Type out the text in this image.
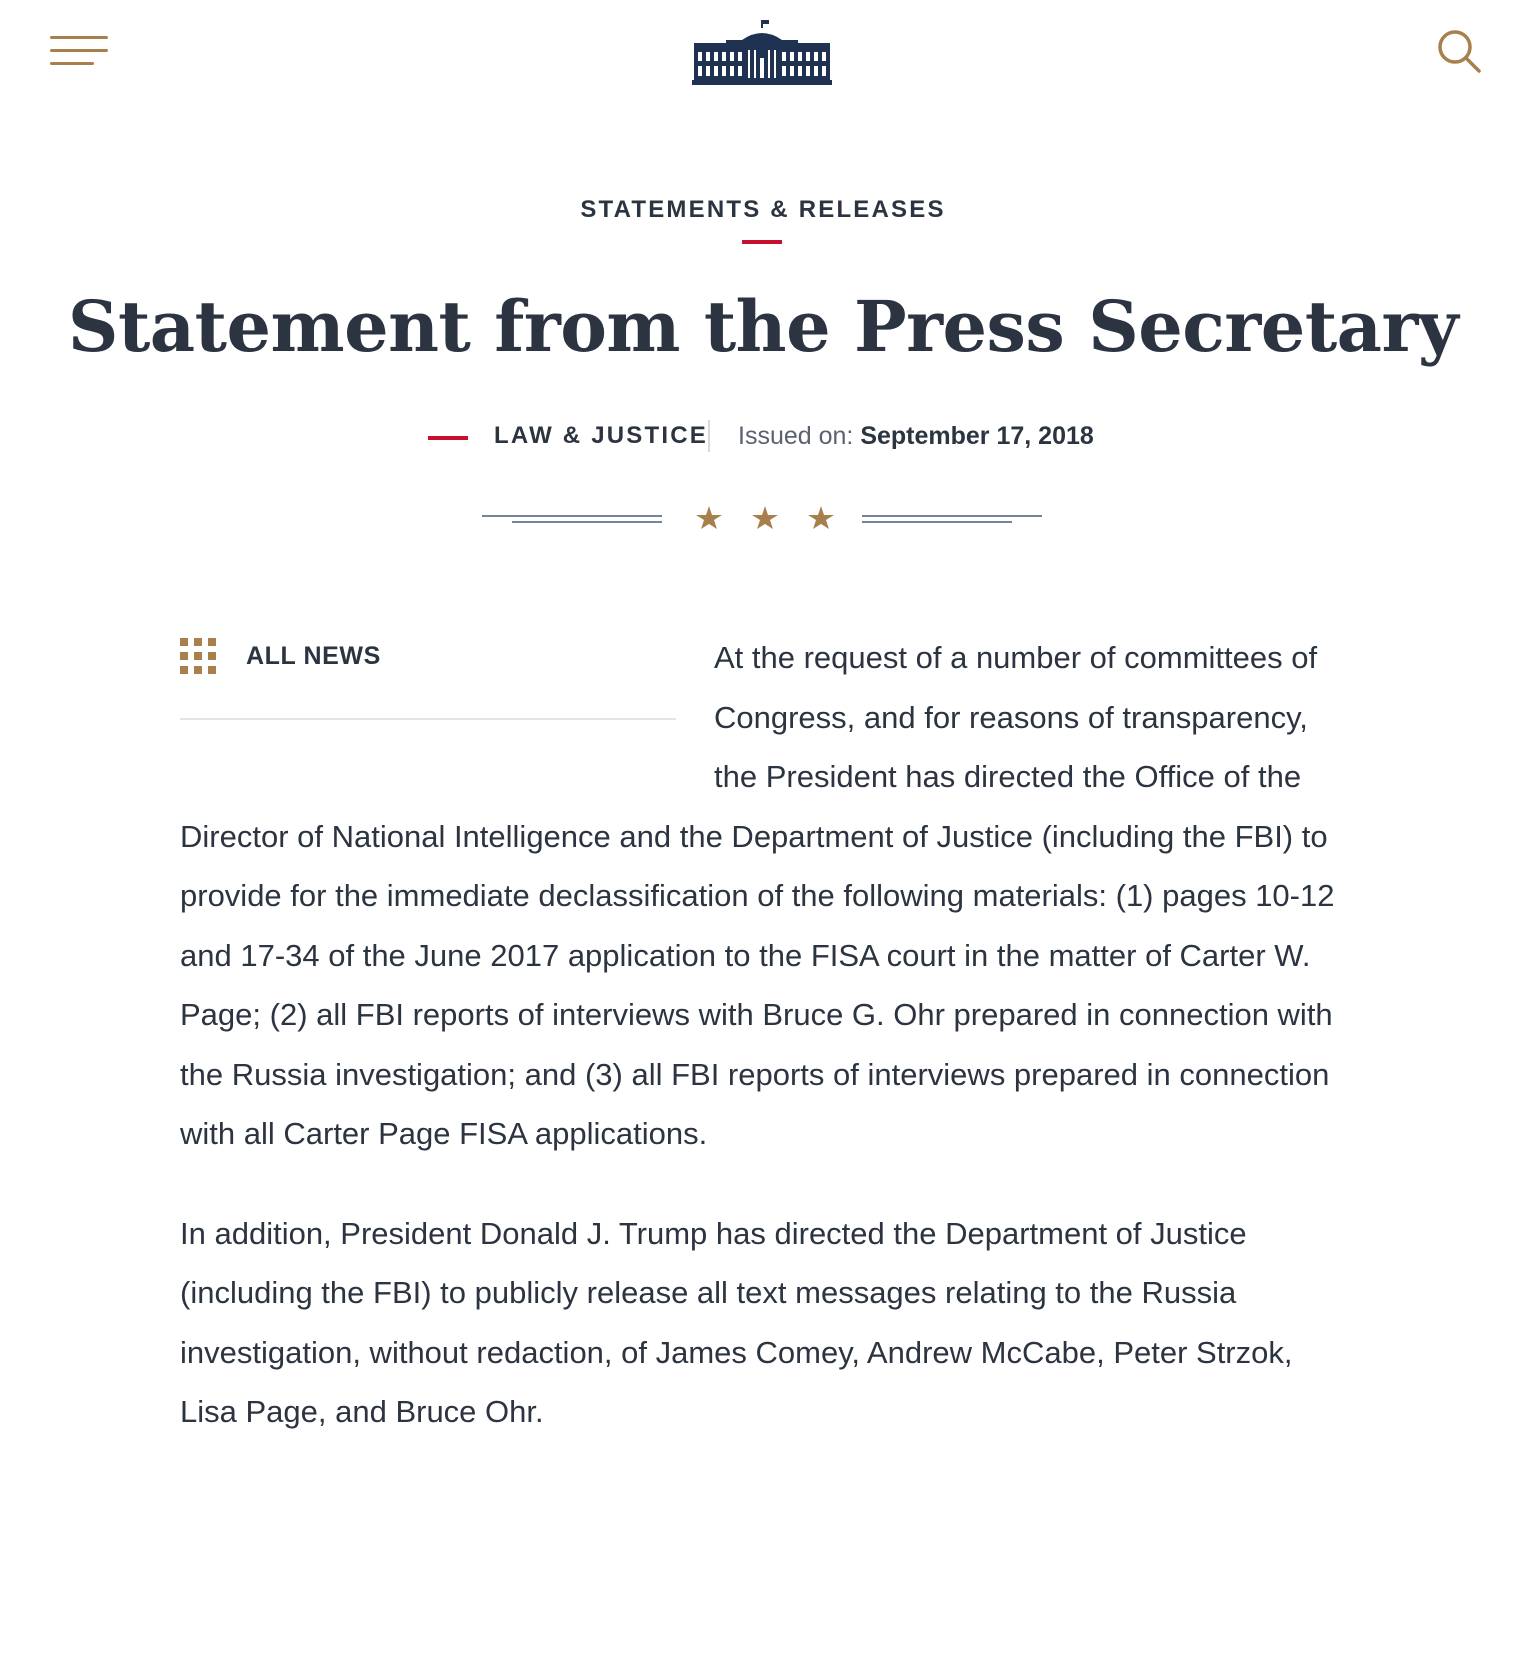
STATEMENTS & RELEASES
Statement from the Press Secretary
LAW & JUSTICE Issued on: September 17, 2018
ALL NEWS	At the request of a number of committees of Congress, and for reasons of transparency, the President has directed the Office of the Director of National Intelligence and the Department of Justice (including the FBI) to provide for the immediate declassification of the following materials: (1) pages 10-12 and 17-34 of the June 2017 application to the FISA court in the matter of Carter W. Page; (2) all FBI reports of interviews with Bruce G. Ohr prepared in connection with the Russia investigation; and (3) all FBI reports of interviews prepared in connection with all Carter Page FISA applications.

In addition, President Donald J. Trump has directed the Department of Justice (including the FBI) to publicly release all text messages relating to the Russia investigation, without redaction, of James Comey, Andrew McCabe, Peter Strzok, Lisa Page, and Bruce Ohr.
